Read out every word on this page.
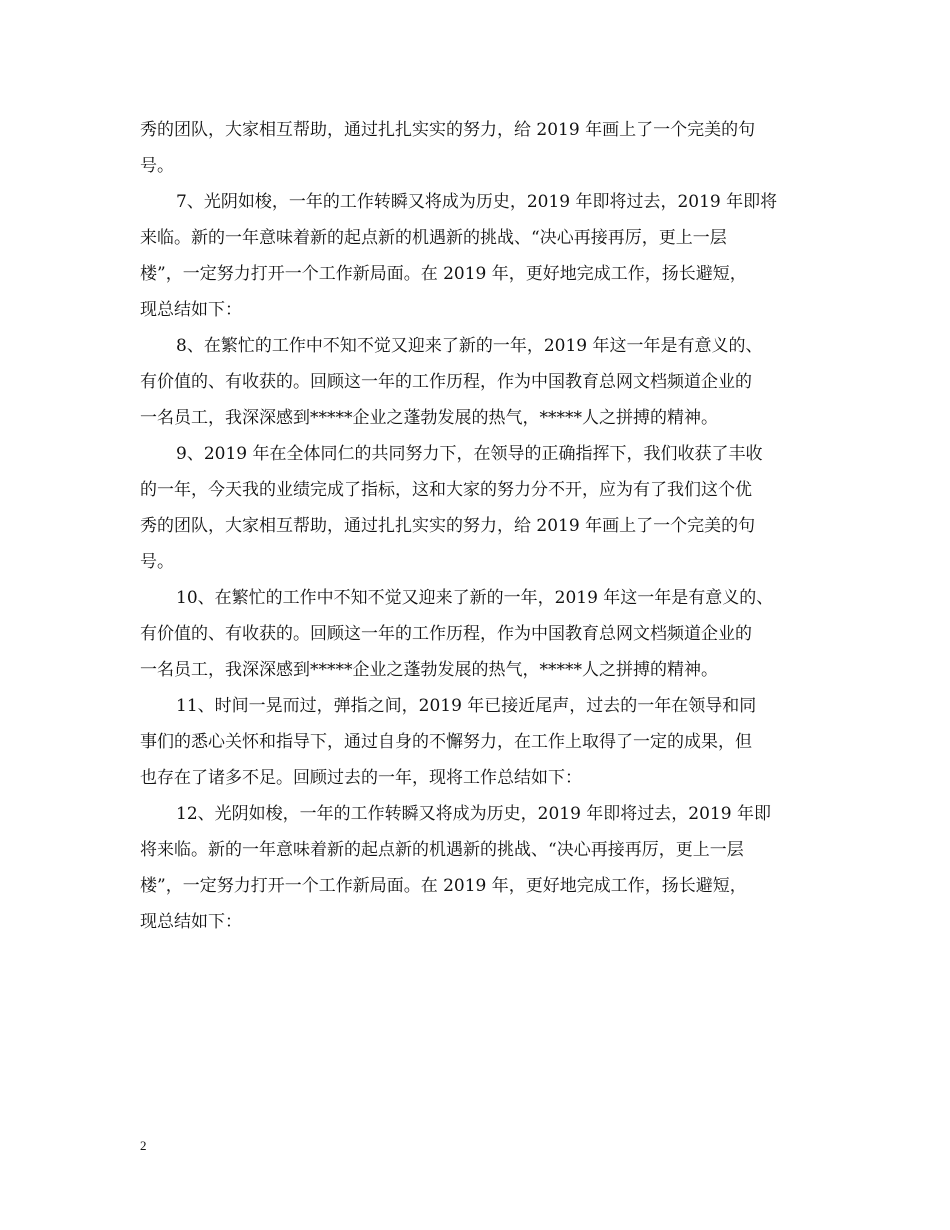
秀的团队，大家相互帮助，通过扎扎实实的努力，给 2019 年画上了一个完美的句
号。

7、光阴如梭，一年的工作转瞬又将成为历史，2019 年即将过去，2019 年即将
来临。新的一年意味着新的起点新的机遇新的挑战、“决心再接再厉，更上一层
楼”，一定努力打开一个工作新局面。在 2019 年，更好地完成工作，扬长避短，
现总结如下：

8、在繁忙的工作中不知不觉又迎来了新的一年，2019 年这一年是有意义的、
有价值的、有收获的。回顾这一年的工作历程，作为中国教育总网文档频道企业的
一名员工，我深深感到*****企业之蓬勃发展的热气，*****人之拼搏的精神。

9、2019 年在全体同仁的共同努力下，在领导的正确指挥下，我们收获了丰收
的一年，今天我的业绩完成了指标，这和大家的努力分不开，应为有了我们这个优
秀的团队，大家相互帮助，通过扎扎实实的努力，给 2019 年画上了一个完美的句
号。

10、在繁忙的工作中不知不觉又迎来了新的一年，2019 年这一年是有意义的、
有价值的、有收获的。回顾这一年的工作历程，作为中国教育总网文档频道企业的
一名员工，我深深感到*****企业之蓬勃发展的热气，*****人之拼搏的精神。

11、时间一晃而过，弹指之间，2019 年已接近尾声，过去的一年在领导和同
事们的悉心关怀和指导下，通过自身的不懈努力，在工作上取得了一定的成果，但
也存在了诸多不足。回顾过去的一年，现将工作总结如下：

12、光阴如梭，一年的工作转瞬又将成为历史，2019 年即将过去，2019 年即
将来临。新的一年意味着新的起点新的机遇新的挑战、“决心再接再厉，更上一层
楼”，一定努力打开一个工作新局面。在 2019 年，更好地完成工作，扬长避短，
现总结如下：

2
